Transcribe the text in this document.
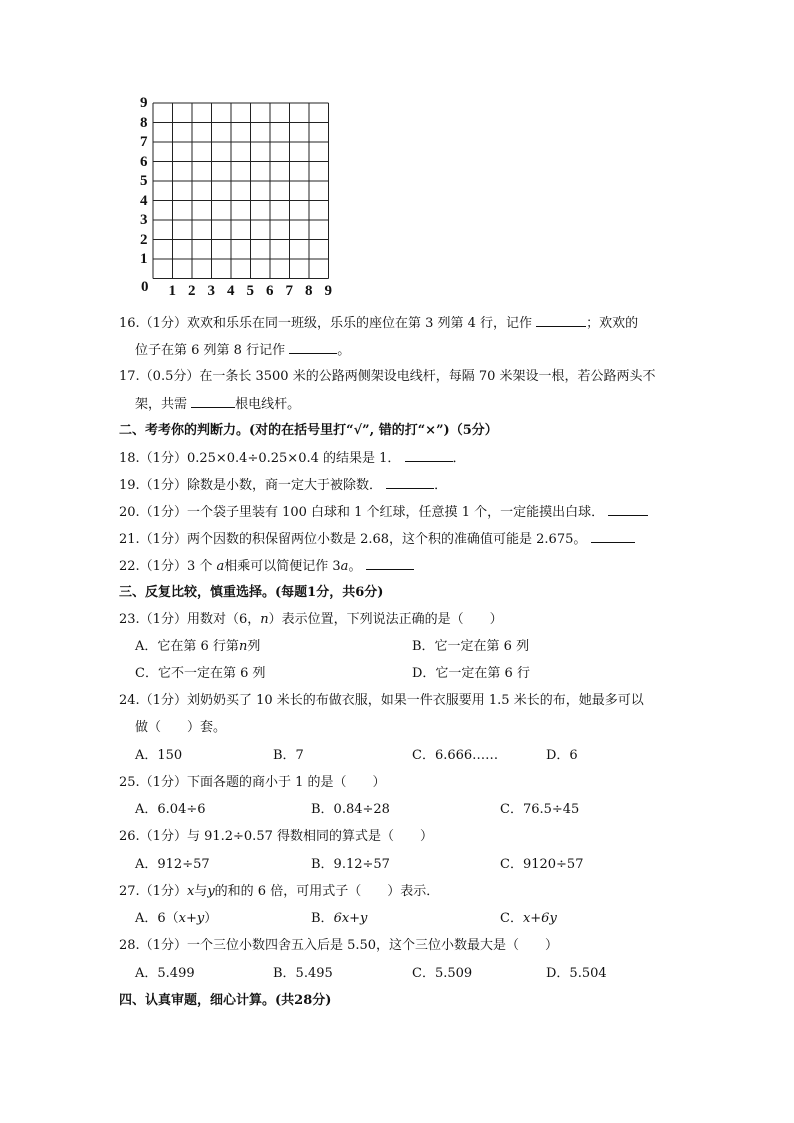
9
8
7
6
5
4
3
2
1
1 2 3 4 5 6 7 8 9
0
16.（1分）欢欢和乐乐在同一班级，乐乐的座位在第 3 列第 4 行，记作	；欢欢的
位子在第 6 列第 8 行记作	。
17.（0.5分）在一条长 3500 米的公路两侧架设电线杆，每隔 70 米架设一根，若公路两头不
架，共需	根电线杆。
二、考考你的判断力。(对的在括号里打“√”, 错的打“×”)（5分）
18.（1分）0.25×0.4÷0.25×0.4 的结果是 1．	．
19.（1分）除数是小数，商一定大于被除数．	．
20.（1分）一个袋子里装有 100 白球和 1 个红球，任意摸 1 个，一定能摸出白球．
21.（1分）两个因数的积保留两位小数是 2.68，这个积的准确值可能是 2.675。
22.（1分）3 个 a相乘可以简便记作 3a。
三、反复比较，慎重选择。(每题1分，共6分)
23.（1分）用数对（6，n）表示位置，下列说法正确的是（　　）
A．它在第 6 行第n列	B．它一定在第 6 列
C．它不一定在第 6 列	D．它一定在第 6 行
24.（1分）刘奶奶买了 10 米长的布做衣服，如果一件衣服要用 1.5 米长的布，她最多可以
做（　　）套。
A．150	B．7	C．6.666……	D．6
25.（1分）下面各题的商小于 1 的是（　　）
A．6.04÷6	B．0.84÷28	C．76.5÷45
26.（1分）与 91.2÷0.57 得数相同的算式是（　　）
A．912÷57	B．9.12÷57	C．9120÷57
27.（1分）x与y的和的 6 倍，可用式子（　　）表示．
A．6（x+y）	B．6x+y	C．x+6y
28.（1分）一个三位小数四舍五入后是 5.50，这个三位小数最大是（　　）
A．5.499	B．5.495	C．5.509	D．5.504
四、认真审题，细心计算。(共28分)
